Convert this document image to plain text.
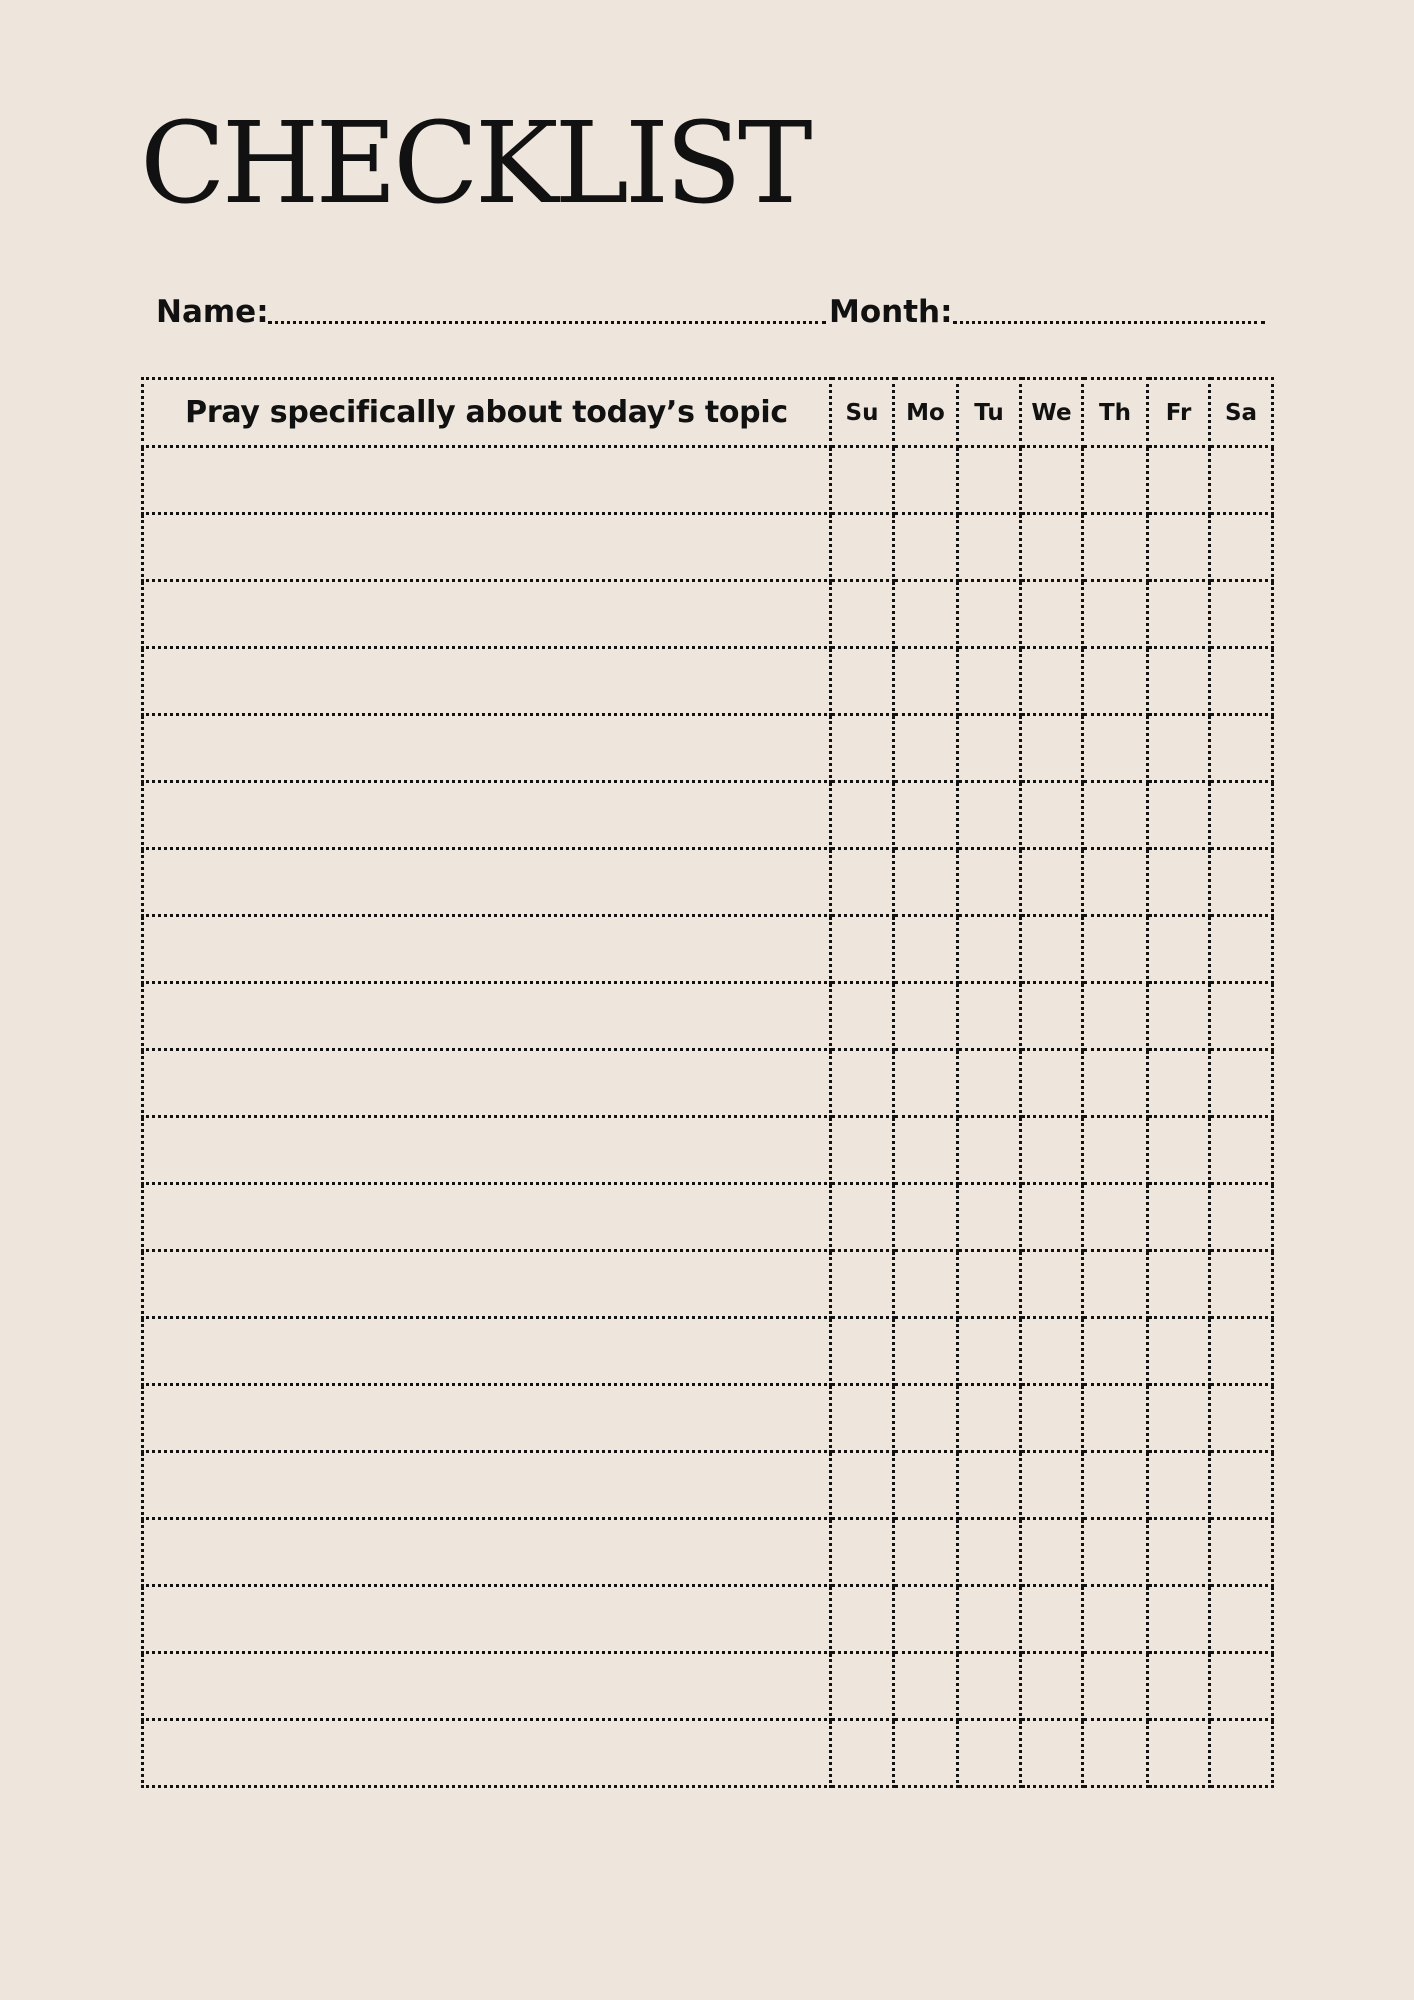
CHECKLIST
Name:	Month:
Pray specifically about today’s topic	Su	Mo	Tu	We	Th	Fr	Sa
